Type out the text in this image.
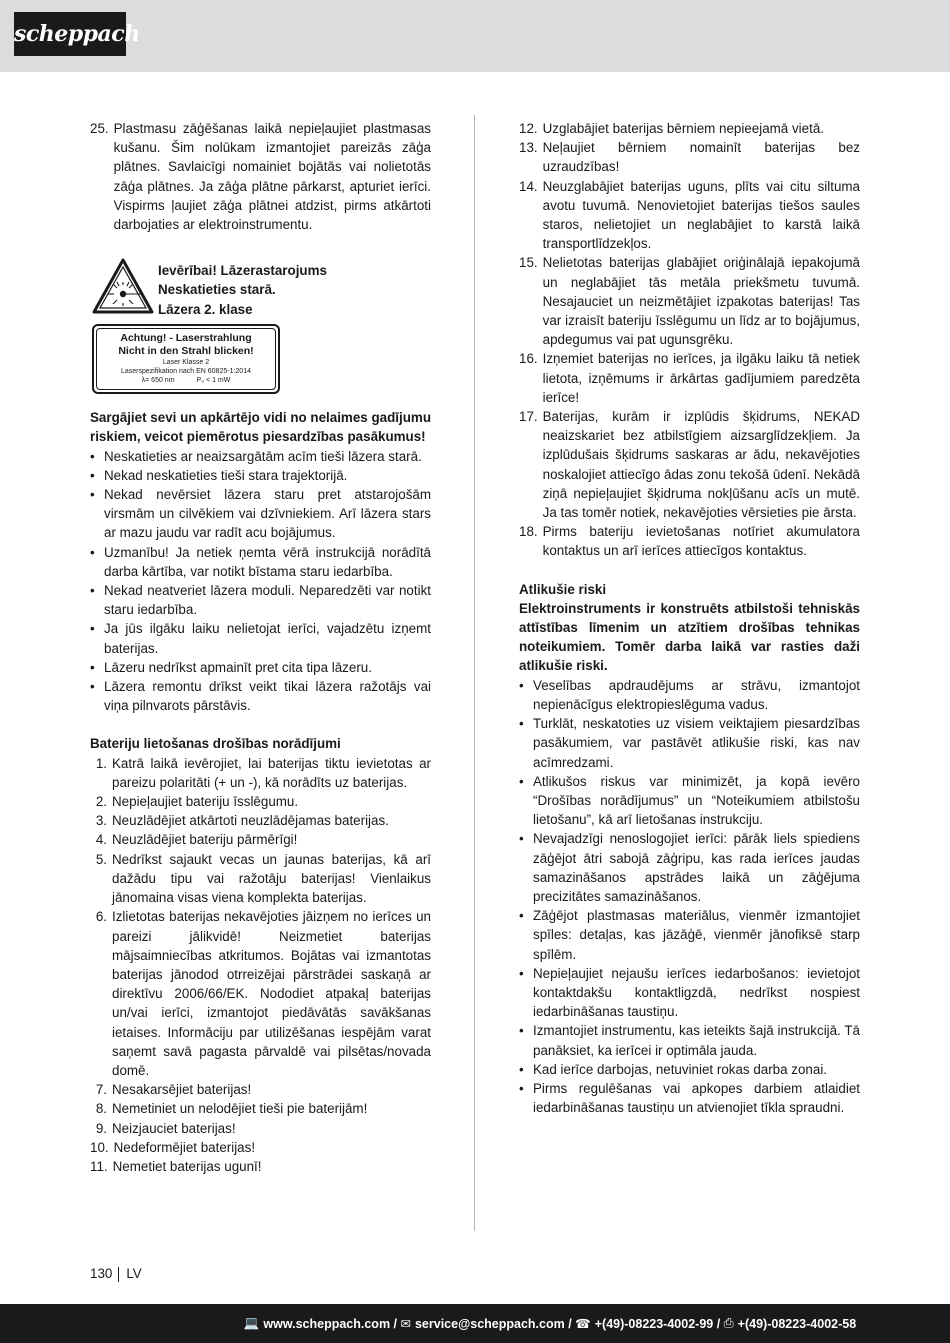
scheppach
25. Plastmasu zāģēšanas laikā nepieļaujiet plastmasas kušanu. Šim nolūkam izmantojiet pareizās zāģa plātnes. Savlaicīgi nomainiet bojātās vai nolietotās zāģa plātnes. Ja zāģa plātne pārkarst, apturiet ierīci. Vispirms ļaujiet zāģa plātnei atdzist, pirms atkārtoti darbojaties ar elektroinstrumentu.
Ievērībai! Lāzerastarojums
Neskatieties starā.
Lāzera 2. klase
Achtung! - Laserstrahlung
Nicht in den Strahl blicken!
Laser Klasse 2
Laserspezifikation nach EN 60825-1:2014
λ= 650 nm	P₀ < 1 mW
Sargājiet sevi un apkārtējo vidi no nelaimes gadījumu riskiem, veicot piemērotus piesardzības pasākumus!
• Neskatieties ar neaizsargātām acīm tieši lāzera starā.
• Nekad neskatieties tieši stara trajektorijā.
• Nekad nevērsiet lāzera staru pret atstarojošām virsmām un cilvēkiem vai dzīvniekiem. Arī lāzera stars ar mazu jaudu var radīt acu bojājumus.
• Uzmanību! Ja netiek ņemta vērā instrukcijā norādītā darba kārtība, var notikt bīstama staru iedarbība.
• Nekad neatveriet lāzera moduli. Neparedzēti var notikt staru iedarbība.
• Ja jūs ilgāku laiku nelietojat ierīci, vajadzētu izņemt baterijas.
• Lāzeru nedrīkst apmainīt pret cita tipa lāzeru.
• Lāzera remontu drīkst veikt tikai lāzera ražotājs vai viņa pilnvarots pārstāvis.
Bateriju lietošanas drošības norādījumi
1. Katrā laikā ievērojiet, lai baterijas tiktu ievietotas ar pareizu polaritāti (+ un -), kā norādīts uz baterijas.
2. Nepieļaujiet bateriju īsslēgumu.
3. Neuzlādējiet atkārtoti neuzlādējamas baterijas.
4. Neuzlādējiet bateriju pārmērīgi!
5. Nedrīkst sajaukt vecas un jaunas baterijas, kā arī dažādu tipu vai ražotāju baterijas! Vienlaikus jānomaina visas viena komplekta baterijas.
6. Izlietotas baterijas nekavējoties jāizņem no ierīces un pareizi jālikvidē! Neizmetiet baterijas mājsaimniecības atkritumos. Bojātas vai izmantotas baterijas jānodod otrreizējai pārstrādei saskaņā ar direktīvu 2006/66/EK. Nododiet atpakaļ baterijas un/vai ierīci, izmantojot piedāvātās savākšanas ietaises. Informāciju par utilizēšanas iespējām varat saņemt savā pagasta pārvaldē vai pilsētas/novada domē.
7. Nesakarsējiet baterijas!
8. Nemetiniet un nelodējiet tieši pie baterijām!
9. Neizjauciet baterijas!
10. Nedeformējiet baterijas!
11. Nemetiet baterijas ugunī!
12. Uzglabājiet baterijas bērniem nepieejamā vietā.
13. Neļaujiet bērniem nomainīt baterijas bez uzraudzības!
14. Neuzglabājiet baterijas uguns, plīts vai citu siltuma avotu tuvumā. Nenovietojiet baterijas tiešos saules staros, nelietojiet un neglabājiet to karstā laikā transportlīdzekļos.
15. Nelietotas baterijas glabājiet oriģinālajā iepakojumā un neglabājiet tās metāla priekšmetu tuvumā. Nesajauciet un neizmētājiet izpakotas baterijas! Tas var izraisīt bateriju īsslēgumu un līdz ar to bojājumus, apdegumus vai pat ugunsgrēku.
16. Izņemiet baterijas no ierīces, ja ilgāku laiku tā netiek lietota, izņēmums ir ārkārtas gadījumiem paredzēta ierīce!
17. Baterijas, kurām ir izplūdis šķidrums, NEKAD neaizskariet bez atbilstīgiem aizsarglīdzekļiem. Ja izplūdušais šķidrums saskaras ar ādu, nekavējoties noskalojiet attiecīgo ādas zonu tekošā ūdenī. Nekādā ziņā nepieļaujiet šķidruma nokļūšanu acīs un mutē. Ja tas tomēr notiek, nekavējoties vērsieties pie ārsta.
18. Pirms bateriju ievietošanas notīriet akumulatora kontaktus un arī ierīces attiecīgos kontaktus.
Atlikušie riski
Elektroinstruments ir konstruēts atbilstoši tehniskās attīstības līmenim un atzītiem drošības tehnikas noteikumiem. Tomēr darba laikā var rasties daži atlikušie riski.
• Veselības apdraudējums ar strāvu, izmantojot nepienācīgus elektropieslēguma vadus.
• Turklāt, neskatoties uz visiem veiktajiem piesardzības pasākumiem, var pastāvēt atlikušie riski, kas nav acīmredzami.
• Atlikušos riskus var minimizēt, ja kopā ievēro “Drošības norādījumus” un “Noteikumiem atbilstošu lietošanu”, kā arī lietošanas instrukciju.
• Nevajadzīgi nenoslogojiet ierīci: pārāk liels spiediens zāģējot ātri sabojā zāģripu, kas rada ierīces jaudas samazināšanos apstrādes laikā un zāģējuma precizitātes samazināšanos.
• Zāģējot plastmasas materiālus, vienmēr izmantojiet spīles: detaļas, kas jāzāģē, vienmēr jānofiksē starp spīlēm.
• Nepieļaujiet nejaušu ierīces iedarbošanos: ievietojot kontaktdakšu kontaktligzdā, nedrīkst nospiest iedarbināšanas taustiņu.
• Izmantojiet instrumentu, kas ieteikts šajā instrukcijā. Tā panāksiet, ka ierīcei ir optimāla jauda.
• Kad ierīce darbojas, netuviniet rokas darba zonai.
• Pirms regulēšanas vai apkopes darbiem atlaidiet iedarbināšanas taustiņu un atvienojiet tīkla spraudni.
130 LV
💻 www.scheppach.com / ✉ service@scheppach.com / ☎ +(49)-08223-4002-99 / ⎙ +(49)-08223-4002-58
